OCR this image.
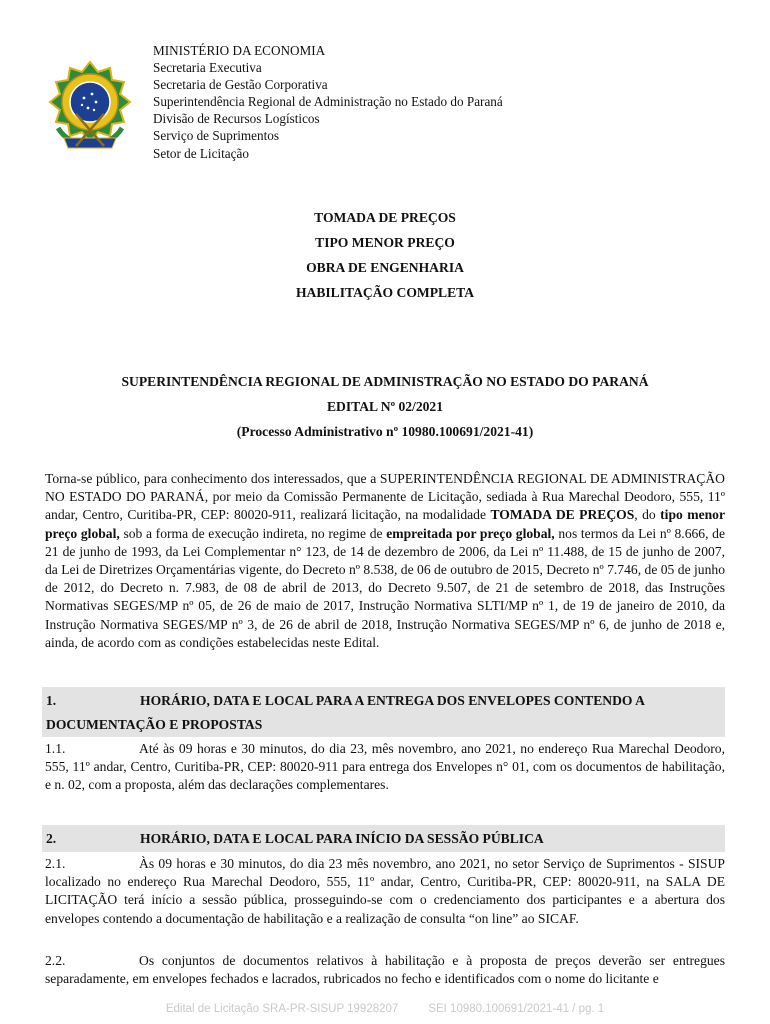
MINISTÉRIO DA ECONOMIA
Secretaria Executiva
Secretaria de Gestão Corporativa
Superintendência Regional de Administração no Estado do Paraná
Divisão de Recursos Logísticos
Serviço de Suprimentos
Setor de Licitação
TOMADA DE PREÇOS
TIPO MENOR PREÇO
OBRA DE ENGENHARIA
HABILITAÇÃO COMPLETA
SUPERINTENDÊNCIA REGIONAL DE ADMINISTRAÇÃO NO ESTADO DO PARANÁ
EDITAL Nº 02/2021
(Processo Administrativo nº 10980.100691/2021-41)
Torna-se público, para conhecimento dos interessados, que a SUPERINTENDÊNCIA REGIONAL DE ADMINISTRAÇÃO NO ESTADO DO PARANÁ, por meio da Comissão Permanente de Licitação, sediada à Rua Marechal Deodoro, 555, 11º andar, Centro, Curitiba-PR, CEP: 80020-911, realizará licitação, na modalidade TOMADA DE PREÇOS, do tipo menor preço global, sob a forma de execução indireta, no regime de empreitada por preço global, nos termos da Lei nº 8.666, de 21 de junho de 1993, da Lei Complementar n° 123, de 14 de dezembro de 2006, da Lei nº 11.488, de 15 de junho de 2007, da Lei de Diretrizes Orçamentárias vigente, do Decreto nº 8.538, de 06 de outubro de 2015, Decreto nº 7.746, de 05 de junho de 2012, do Decreto n. 7.983, de 08 de abril de 2013, do Decreto 9.507, de 21 de setembro de 2018, das Instruções Normativas SEGES/MP nº 05, de 26 de maio de 2017, Instrução Normativa SLTI/MP nº 1, de 19 de janeiro de 2010, da Instrução Normativa SEGES/MP nº 3, de 26 de abril de 2018, Instrução Normativa SEGES/MP nº 6, de junho de 2018 e, ainda, de acordo com as condições estabelecidas neste Edital.
1.	HORÁRIO, DATA E LOCAL PARA A ENTREGA DOS ENVELOPES CONTENDO A DOCUMENTAÇÃO E PROPOSTAS
1.1.	Até às 09 horas e 30 minutos, do dia 23, mês novembro, ano 2021, no endereço Rua Marechal Deodoro, 555, 11º andar, Centro, Curitiba-PR, CEP: 80020-911 para entrega dos Envelopes n° 01, com os documentos de habilitação, e n. 02, com a proposta, além das declarações complementares.
2.	HORÁRIO, DATA E LOCAL PARA INÍCIO DA SESSÃO PÚBLICA
2.1.	Às 09 horas e 30 minutos, do dia 23 mês novembro, ano 2021, no setor Serviço de Suprimentos - SISUP localizado no endereço Rua Marechal Deodoro, 555, 11º andar, Centro, Curitiba-PR, CEP: 80020-911, na SALA DE LICITAÇÃO terá início a sessão pública, prosseguindo-se com o credenciamento dos participantes e a abertura dos envelopes contendo a documentação de habilitação e a realização de consulta “on line” ao SICAF.
2.2.	Os conjuntos de documentos relativos à habilitação e à proposta de preços deverão ser entregues separadamente, em envelopes fechados e lacrados, rubricados no fecho e identificados com o nome do licitante e
Edital de Licitação SRA-PR-SISUP 19928207	SEI 10980.100691/2021-41 / pg. 1
